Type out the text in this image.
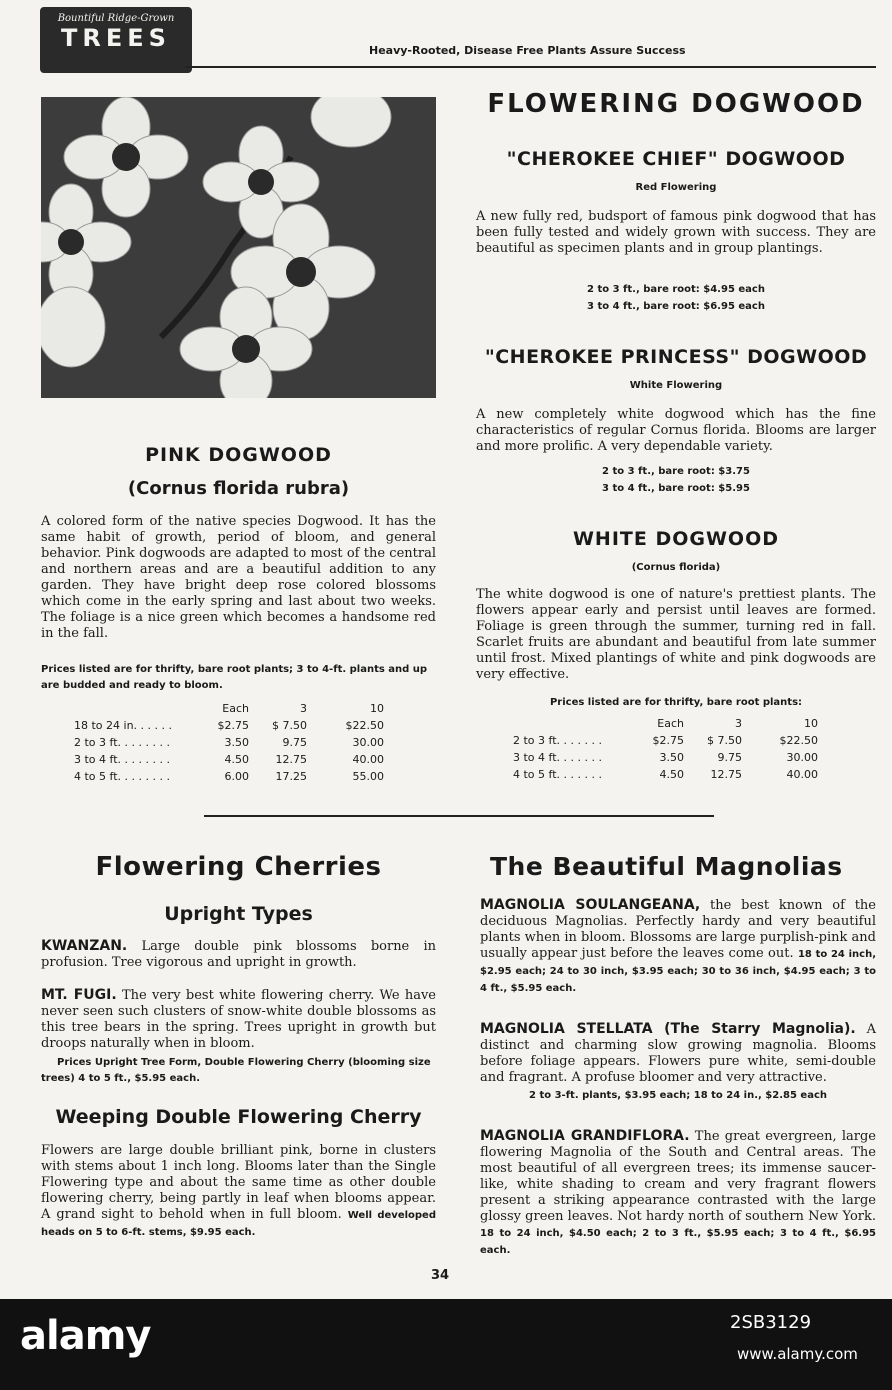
Bountiful Ridge-Grown
TREES	Heavy-Rooted, Disease Free Plants Assure Success
PINK DOGWOOD
(Cornus florida rubra)

A colored form of the native species Dogwood. It has the same habit of growth, period of bloom, and general behavior. Pink dogwoods are adapted to most of the central and northern areas and are a beautiful addition to any garden. They have bright deep rose colored blossoms which come in the early spring and last about two weeks. The foliage is a nice green which becomes a handsome red in the fall.

Prices listed are for thrifty, bare root plants; 3 to 4-ft. plants and up are budded and ready to bloom.

	Each	3	10
18 to 24 in. . . . . .	$2.75	$ 7.50	$22.50
2 to 3 ft. . . . . . . .	3.50	9.75	30.00
3 to 4 ft. . . . . . . .	4.50	12.75	40.00
4 to 5 ft. . . . . . . .	6.00	17.25	55.00
FLOWERING DOGWOOD
"CHEROKEE CHIEF" DOGWOOD
Red Flowering

A new fully red, budsport of famous pink dogwood that has been fully tested and widely grown with success. They are beautiful as specimen plants and in group plantings.

2 to 3 ft., bare root: $4.95 each
3 to 4 ft., bare root: $6.95 each
"CHEROKEE PRINCESS" DOGWOOD
White Flowering

A new completely white dogwood which has the fine characteristics of regular Cornus florida. Blooms are larger and more prolific. A very dependable variety.

2 to 3 ft., bare root: $3.75
3 to 4 ft., bare root: $5.95
WHITE DOGWOOD
(Cornus florida)

The white dogwood is one of nature's prettiest plants. The flowers appear early and persist until leaves are formed. Foliage is green through the summer, turning red in fall. Scarlet fruits are abundant and beautiful from late summer until frost. Mixed plantings of white and pink dogwoods are very effective.

Prices listed are for thrifty, bare root plants:
	Each	3	10
2 to 3 ft. . . . . . .	$2.75	$ 7.50	$22.50
3 to 4 ft. . . . . . .	3.50	9.75	30.00
4 to 5 ft. . . . . . .	4.50	12.75	40.00
Flowering Cherries
Upright Types

KWANZAN. Large double pink blossoms borne in profusion. Tree vigorous and upright in growth.

MT. FUGI. The very best white flowering cherry. We have never seen such clusters of snow-white double blossoms as this tree bears in the spring. Trees upright in growth but droops naturally when in bloom.

Prices Upright Tree Form, Double Flowering Cherry (blooming size trees) 4 to 5 ft., $5.95 each.

Weeping Double Flowering Cherry

Flowers are large double brilliant pink, borne in clusters with stems about 1 inch long. Blooms later than the Single Flowering type and about the same time as other double flowering cherry, being partly in leaf when blooms appear. A grand sight to behold when in full bloom. Well developed heads on 5 to 6-ft. stems, $9.95 each.

The Beautiful Magnolias

MAGNOLIA SOULANGEANA, the best known of the deciduous Magnolias. Perfectly hardy and very beautiful plants when in bloom. Blossoms are large purplish-pink and usually appear just before the leaves come out. 18 to 24 inch, $2.95 each; 24 to 30 inch, $3.95 each; 30 to 36 inch, $4.95 each; 3 to 4 ft., $5.95 each.

MAGNOLIA STELLATA (The Starry Magnolia). A distinct and charming slow growing magnolia. Blooms before foliage appears. Flowers pure white, semi-double and fragrant. A profuse bloomer and very attractive.

2 to 3-ft. plants, $3.95 each; 18 to 24 in., $2.85 each

MAGNOLIA GRANDIFLORA. The great evergreen, large flowering Magnolia of the South and Central areas. The most beautiful of all evergreen trees; its immense saucer-like, white shading to cream and very fragrant flowers present a striking appearance contrasted with the large glossy green leaves. Not hardy north of southern New York. 18 to 24 inch, $4.50 each; 2 to 3 ft., $5.95 each; 3 to 4 ft., $6.95 each.

34
alamy	2SB3129
www.alamy.com
